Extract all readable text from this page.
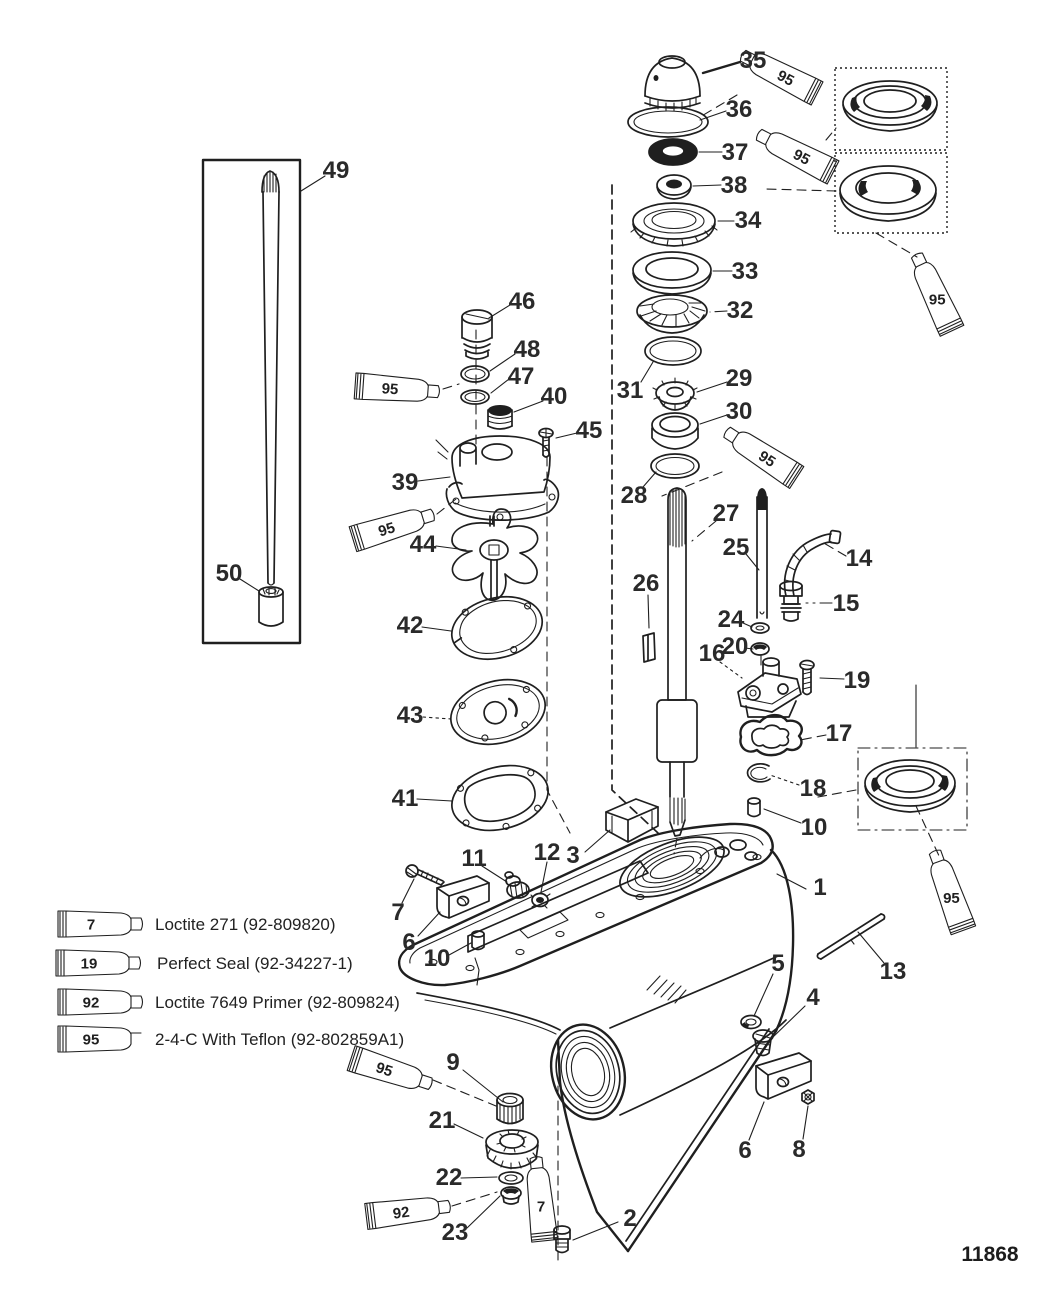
95
95
95
95
95
95
95
95
92	7
1
2
3
4
5
6
6
7
8
9
10
10
11 12
13
14
15
16
17
18
19
20
21
22
23
24
25
26
27
28
29
30
31
32
33
34
35
36
37
38
39
40
41
42
43
44
45
46
47
48
49
50
7	Loctite 271 (92-809820)
19	Perfect Seal (92-34227-1)
92	Loctite 7649 Primer (92-809824)
95	2-4-C With Teflon (92-802859A1)
11868
